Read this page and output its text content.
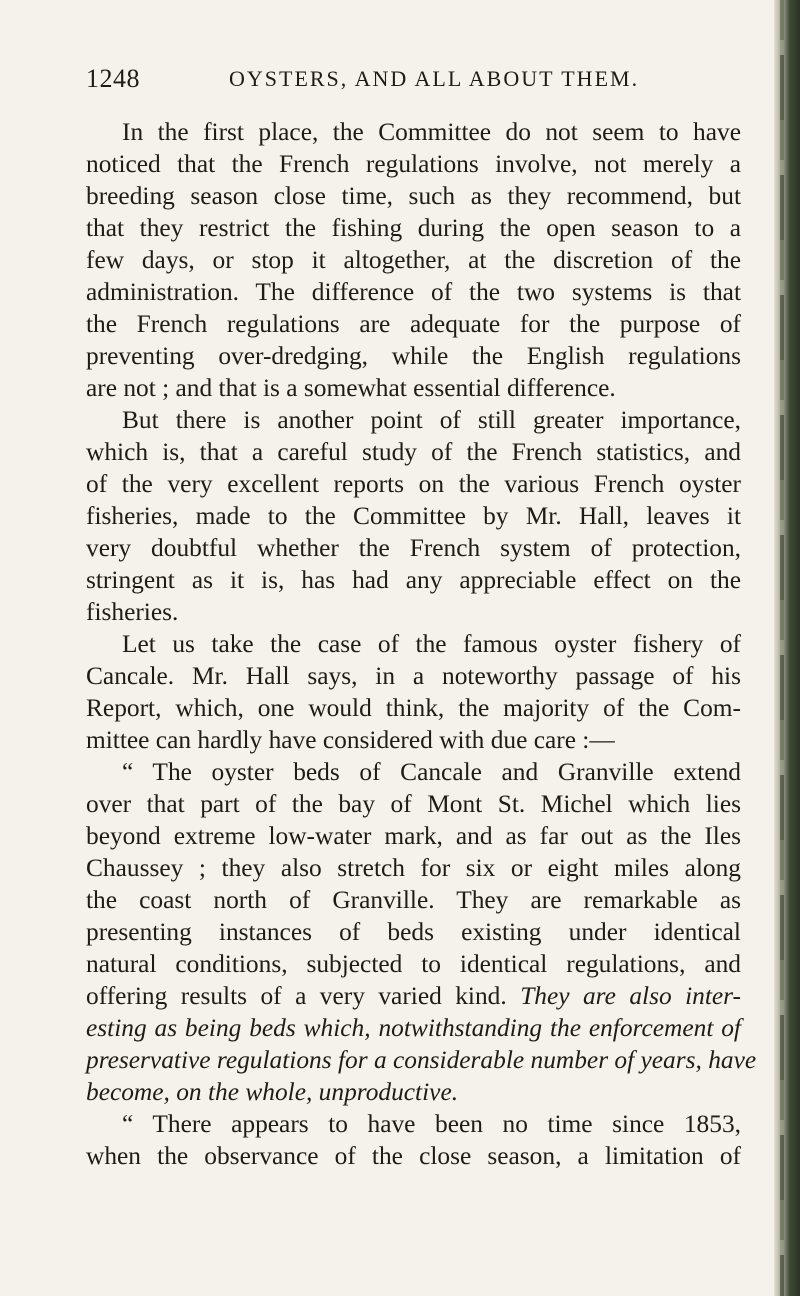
1248	OYSTERS, AND ALL ABOUT THEM.
In the first place, the Committee do not seem to have
noticed that the French regulations involve, not merely a
breeding season close time, such as they recommend, but
that they restrict the fishing during the open season to a
few days, or stop it altogether, at the discretion of the
administration. The difference of the two systems is that
the French regulations are adequate for the purpose of
preventing over-dredging, while the English regulations
are not ; and that is a somewhat essential difference.
But there is another point of still greater importance,
which is, that a careful study of the French statistics, and
of the very excellent reports on the various French oyster
fisheries, made to the Committee by Mr. Hall, leaves it
very doubtful whether the French system of protection,
stringent as it is, has had any appreciable effect on the
fisheries.
Let us take the case of the famous oyster fishery of
Cancale. Mr. Hall says, in a noteworthy passage of his
Report, which, one would think, the majority of the Com-
mittee can hardly have considered with due care :—
“ The oyster beds of Cancale and Granville extend
over that part of the bay of Mont St. Michel which lies
beyond extreme low-water mark, and as far out as the Iles
Chaussey ; they also stretch for six or eight miles along
the coast north of Granville. They are remarkable as
presenting instances of beds existing under identical
natural conditions, subjected to identical regulations, and
offering results of a very varied kind. They are also inter-
esting as being beds which, notwithstanding the enforcement of
preservative regulations for a considerable number of years, have
become, on the whole, unproductive.
“ There appears to have been no time since 1853,
when the observance of the close season, a limitation of
